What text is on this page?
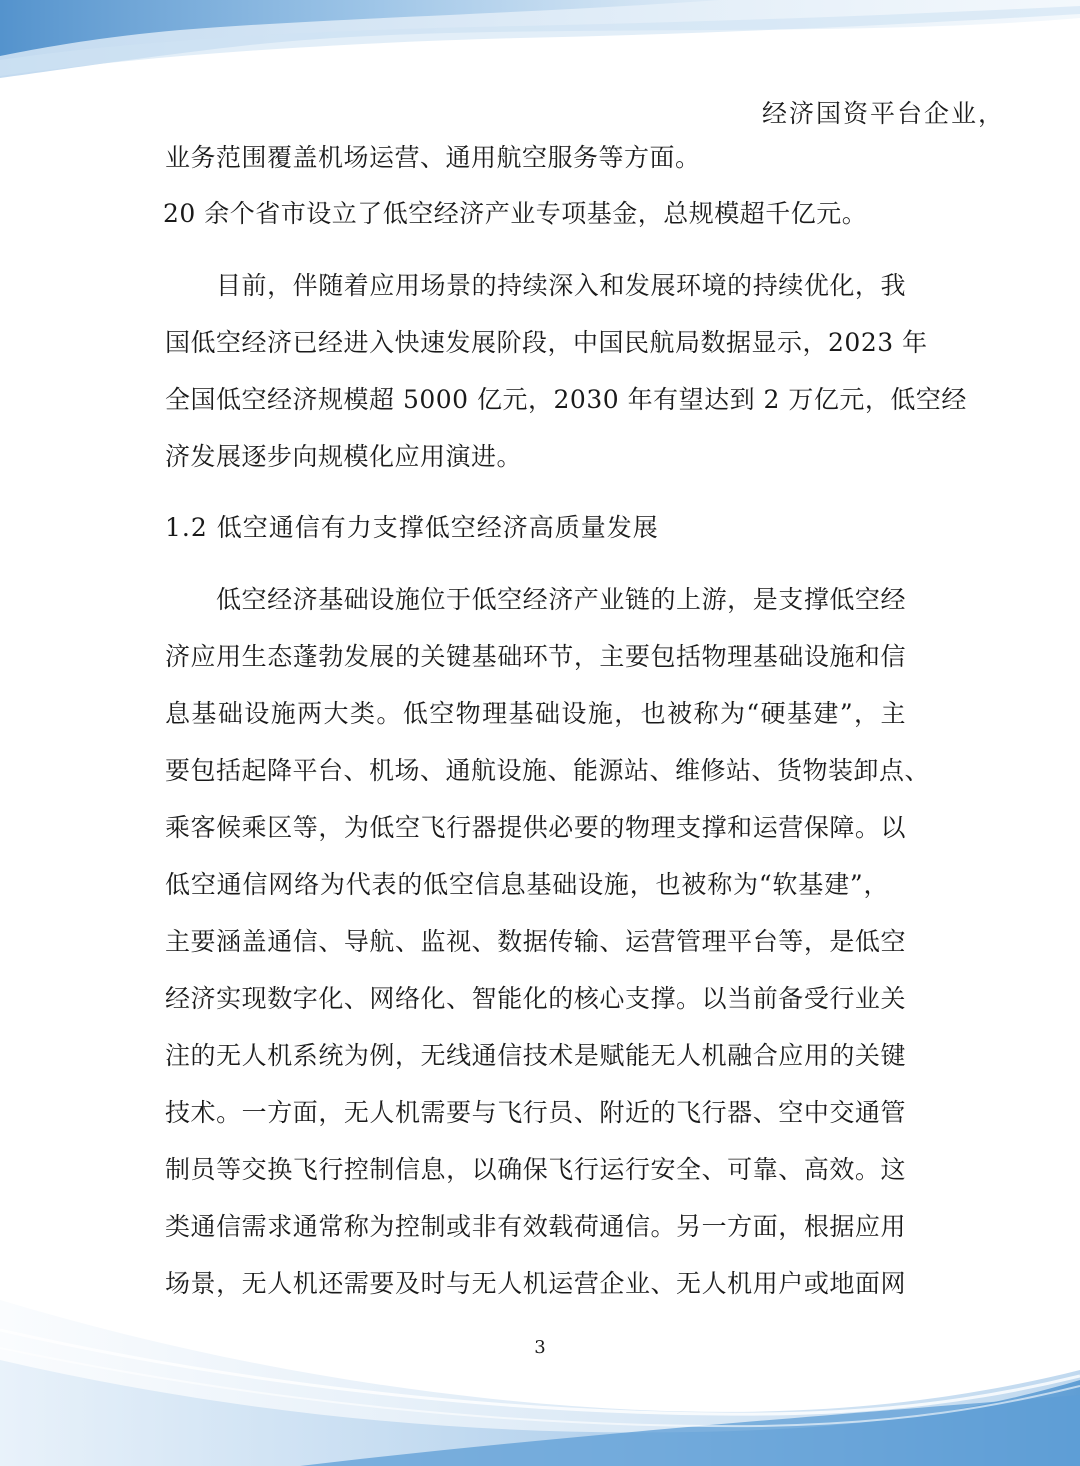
经济国资平台企业，
业务范围覆盖机场运营、通用航空服务等方面。
20 余个省市设立了低空经济产业专项基金，总规模超千亿元。
目前，伴随着应用场景的持续深入和发展环境的持续优化，我
国低空经济已经进入快速发展阶段，中国民航局数据显示，2023 年
全国低空经济规模超 5000 亿元，2030 年有望达到 2 万亿元，低空经
济发展逐步向规模化应用演进。
1.2 低空通信有力支撑低空经济高质量发展
低空经济基础设施位于低空经济产业链的上游，是支撑低空经
济应用生态蓬勃发展的关键基础环节，主要包括物理基础设施和信
息基础设施两大类。低空物理基础设施，也被称为“硬基建”，主
要包括起降平台、机场、通航设施、能源站、维修站、货物装卸点、
乘客候乘区等，为低空飞行器提供必要的物理支撑和运营保障。以
低空通信网络为代表的低空信息基础设施，也被称为“软基建”，
主要涵盖通信、导航、监视、数据传输、运营管理平台等，是低空
经济实现数字化、网络化、智能化的核心支撑。以当前备受行业关
注的无人机系统为例，无线通信技术是赋能无人机融合应用的关键
技术。一方面，无人机需要与飞行员、附近的飞行器、空中交通管
制员等交换飞行控制信息，以确保飞行运行安全、可靠、高效。这
类通信需求通常称为控制或非有效载荷通信。另一方面，根据应用
场景，无人机还需要及时与无人机运营企业、无人机用户或地面网
3
